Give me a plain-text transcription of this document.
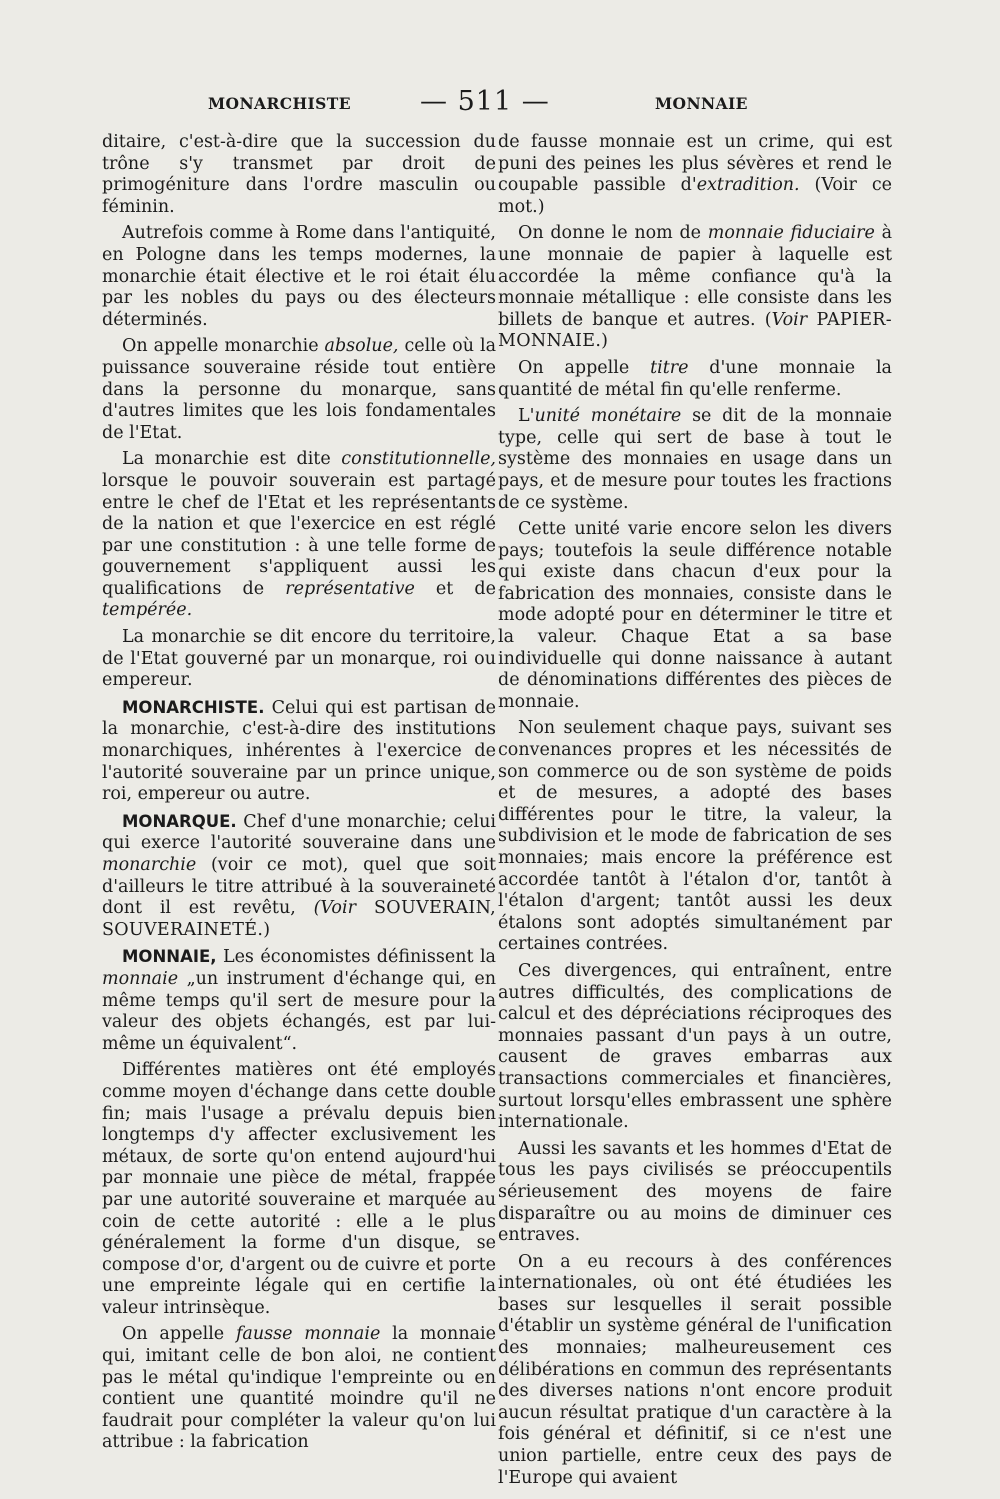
MONARCHISTE	— 511 —	MONNAIE

ditaire, c'est-à-dire que la succession du trône s'y transmet par droit de primogéniture dans l'ordre masculin ou féminin.

Autrefois comme à Rome dans l'antiquité, en Pologne dans les temps modernes, la monarchie était élective et le roi était élu par les nobles du pays ou des électeurs déterminés.

On appelle monarchie absolue, celle où la puissance souveraine réside tout entière dans la personne du monarque, sans d'autres limites que les lois fondamentales de l'Etat.

La monarchie est dite constitutionnelle, lorsque le pouvoir souverain est partagé entre le chef de l'Etat et les représentants de la nation et que l'exercice en est réglé par une constitution : à une telle forme de gouvernement s'appliquent aussi les qualifications de représentative et de tempérée.

La monarchie se dit encore du territoire, de l'Etat gouverné par un monarque, roi ou empereur.

MONARCHISTE. Celui qui est partisan de la monarchie, c'est-à-dire des institutions monarchiques, inhérentes à l'exercice de l'autorité souveraine par un prince unique, roi, empereur ou autre.

MONARQUE. Chef d'une monarchie; celui qui exerce l'autorité souveraine dans une monarchie (voir ce mot), quel que soit d'ailleurs le titre attribué à la souveraineté dont il est revêtu, (Voir SOUVERAIN, SOUVERAINETÉ.)

MONNAIE, Les économistes définissent la monnaie „un instrument d'échange qui, en même temps qu'il sert de mesure pour la valeur des objets échangés, est par lui-même un équivalent“.

Différentes matières ont été employés comme moyen d'échange dans cette double fin; mais l'usage a prévalu depuis bien longtemps d'y affecter exclusivement les métaux, de sorte qu'on entend aujourd'hui par monnaie une pièce de métal, frappée par une autorité souveraine et marquée au coin de cette autorité : elle a le plus généralement la forme d'un disque, se compose d'or, d'argent ou de cuivre et porte une empreinte légale qui en certifie la valeur intrinsèque.

On appelle fausse monnaie la monnaie qui, imitant celle de bon aloi, ne contient pas le métal qu'indique l'empreinte ou en contient une quantité moindre qu'il ne faudrait pour compléter la valeur qu'on lui attribue : la fabrication

de fausse monnaie est un crime, qui est puni des peines les plus sévères et rend le coupable passible d'extradition. (Voir ce mot.)

On donne le nom de monnaie fiduciaire à une monnaie de papier à laquelle est accordée la même confiance qu'à la monnaie métallique : elle consiste dans les billets de banque et autres. (Voir PAPIER-MONNAIE.)

On appelle titre d'une monnaie la quantité de métal fin qu'elle renferme.

L'unité monétaire se dit de la monnaie type, celle qui sert de base à tout le système des monnaies en usage dans un pays, et de mesure pour toutes les fractions de ce système.

Cette unité varie encore selon les divers pays; toutefois la seule différence notable qui existe dans chacun d'eux pour la fabrication des monnaies, consiste dans le mode adopté pour en déterminer le titre et la valeur. Chaque Etat a sa base individuelle qui donne naissance à autant de dénominations différentes des pièces de monnaie.

Non seulement chaque pays, suivant ses convenances propres et les nécessités de son commerce ou de son système de poids et de mesures, a adopté des bases différentes pour le titre, la valeur, la subdivision et le mode de fabrication de ses monnaies; mais encore la préférence est accordée tantôt à l'étalon d'or, tantôt à l'étalon d'argent; tantôt aussi les deux étalons sont adoptés simultanément par certaines contrées.

Ces divergences, qui entraînent, entre autres difficultés, des complications de calcul et des dépréciations réciproques des monnaies passant d'un pays à un outre, causent de graves embarras aux transactions commerciales et financières, surtout lorsqu'elles embrassent une sphère internationale.

Aussi les savants et les hommes d'Etat de tous les pays civilisés se préoccupentils sérieusement des moyens de faire disparaître ou au moins de diminuer ces entraves.

On a eu recours à des conférences internationales, où ont été étudiées les bases sur lesquelles il serait possible d'établir un système général de l'unification des monnaies; malheureusement ces délibérations en commun des représentants des diverses nations n'ont encore produit aucun résultat pratique d'un caractère à la fois général et définitif, si ce n'est une union partielle, entre ceux des pays de l'Europe qui avaient
